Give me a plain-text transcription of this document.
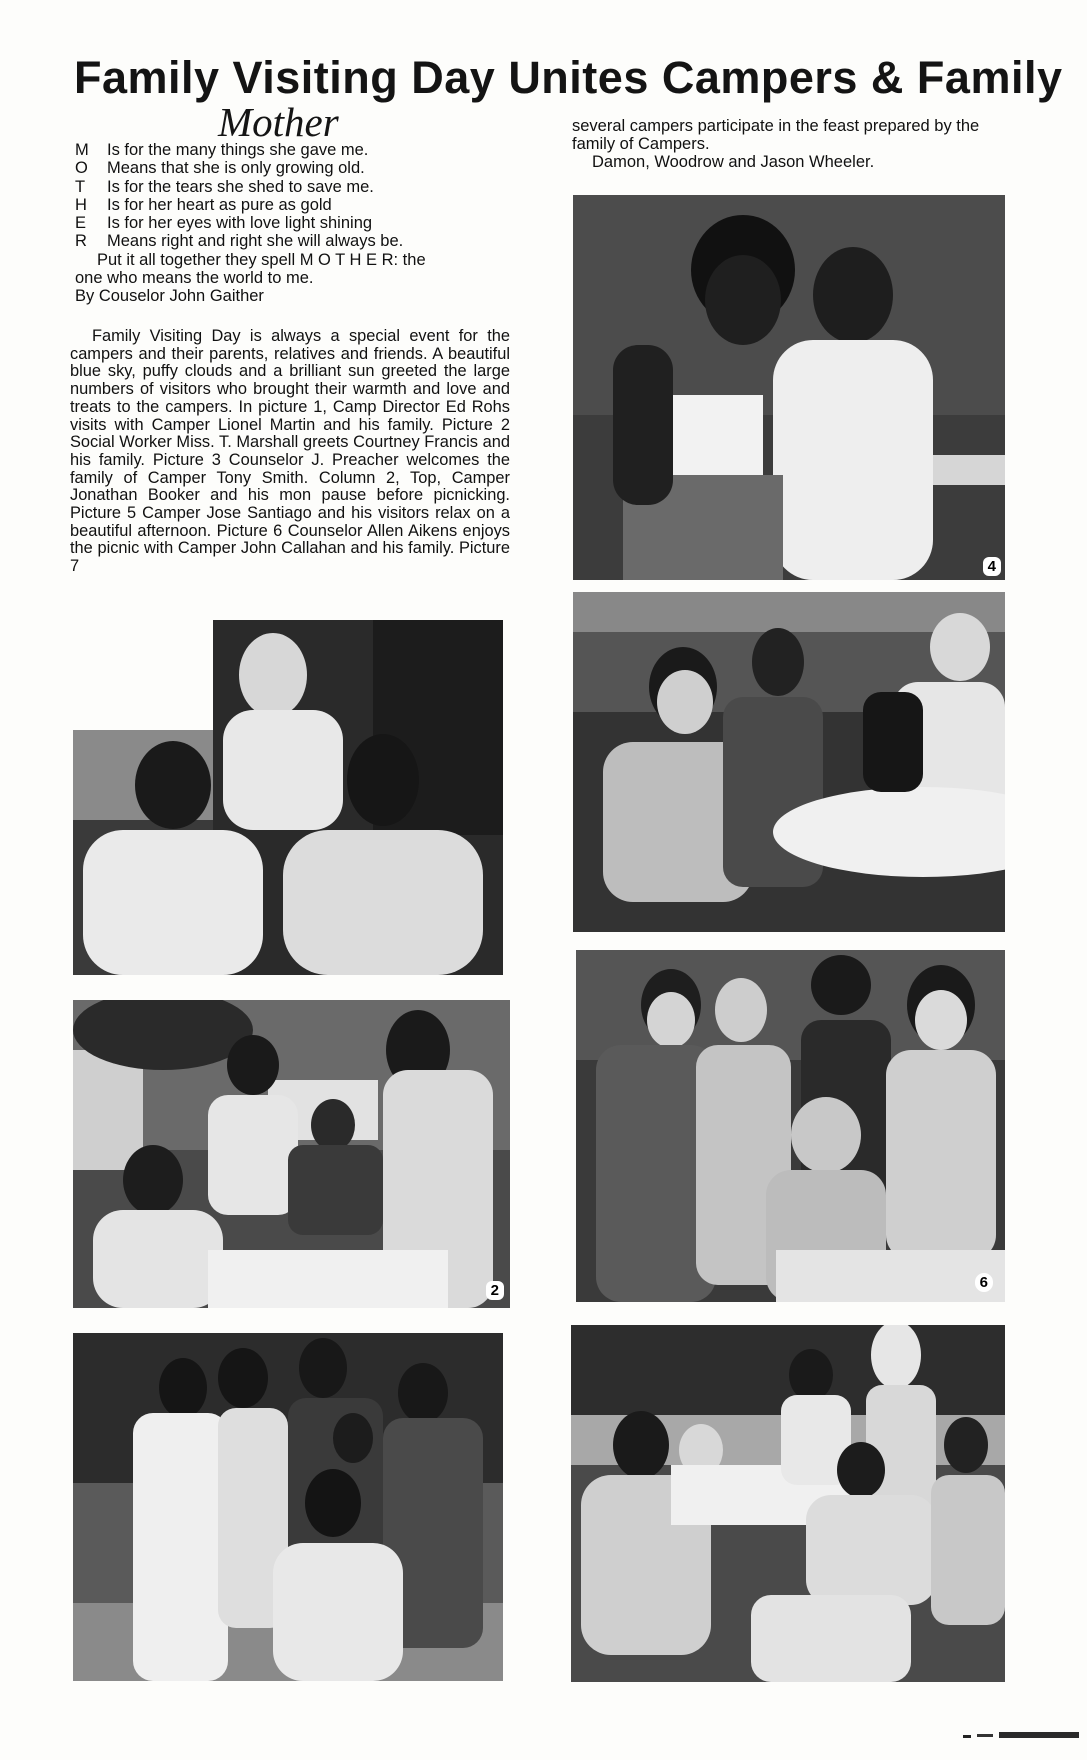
Family Visiting Day Unites Campers & Family
Mother
M	Is for the many things she gave me.
O	Means that she is only growing old.
T	Is for the tears she shed to save me.
H	Is for her heart as pure as gold
E	Is for her eyes with love light shining
R	Means right and right she will always be.
Put it all together they spell M O T H E R: the
one who means the world to me.
By Couselor John Gaither
Family Visiting Day is always a special event for the campers and their parents, relatives and friends. A beautiful blue sky, puffy clouds and a brilliant sun greeted the large numbers of visitors who brought their warmth and love and treats to the campers. In picture 1, Camp Director Ed Rohs visits with Camper Lionel Martin and his family. Picture 2 Social Worker Miss. T. Marshall greets Courtney Francis and his family. Picture 3 Counselor J. Preacher welcomes the family of Camper Tony Smith. Column 2, Top, Camper Jonathan Booker and his mon pause before picnicking. Picture 5 Camper Jose Santiago and his visitors relax on a beautiful afternoon. Picture 6 Counselor Allen Aikens enjoys the picnic with Camper John Callahan and his family. Picture 7
several campers participate in the feast prepared by the family of Campers.
Damon, Woodrow and Jason Wheeler.
2
4
6
